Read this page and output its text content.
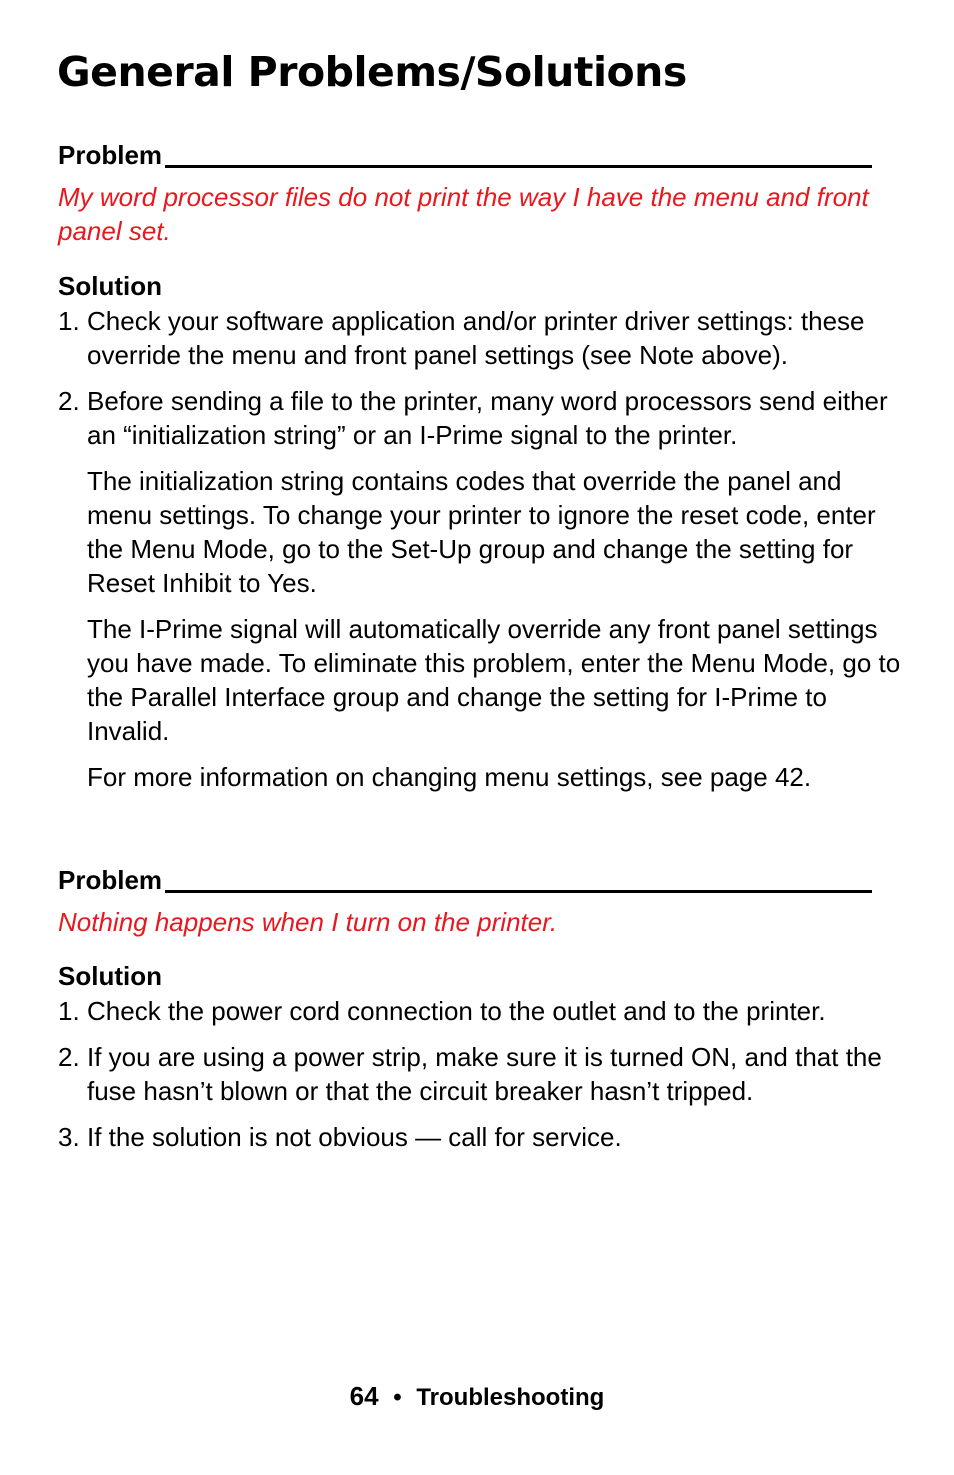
General Problems/Solutions
Problem

My word processor files do not print the way I have the menu and front panel set.

Solution

1. Check your software application and/or printer driver settings: these override the menu and front panel settings (see Note above).

2. Before sending a file to the printer, many word processors send either an “initialization string” or an I-Prime signal to the printer.

The initialization string contains codes that override the panel and menu settings. To change your printer to ignore the reset code, enter the Menu Mode, go to the Set-Up group and change the setting for Reset Inhibit to Yes.

The I-Prime signal will automatically override any front panel settings you have made. To eliminate this problem, enter the Menu Mode, go to the Parallel Interface group and change the setting for I-Prime to Invalid.

For more information on changing menu settings, see page 42.

Problem

Nothing happens when I turn on the printer.

Solution

1. Check the power cord connection to the outlet and to the printer.

2. If you are using a power strip, make sure it is turned ON, and that the fuse hasn’t blown or that the circuit breaker hasn’t tripped.

3. If the solution is not obvious — call for service.

64 • Troubleshooting
